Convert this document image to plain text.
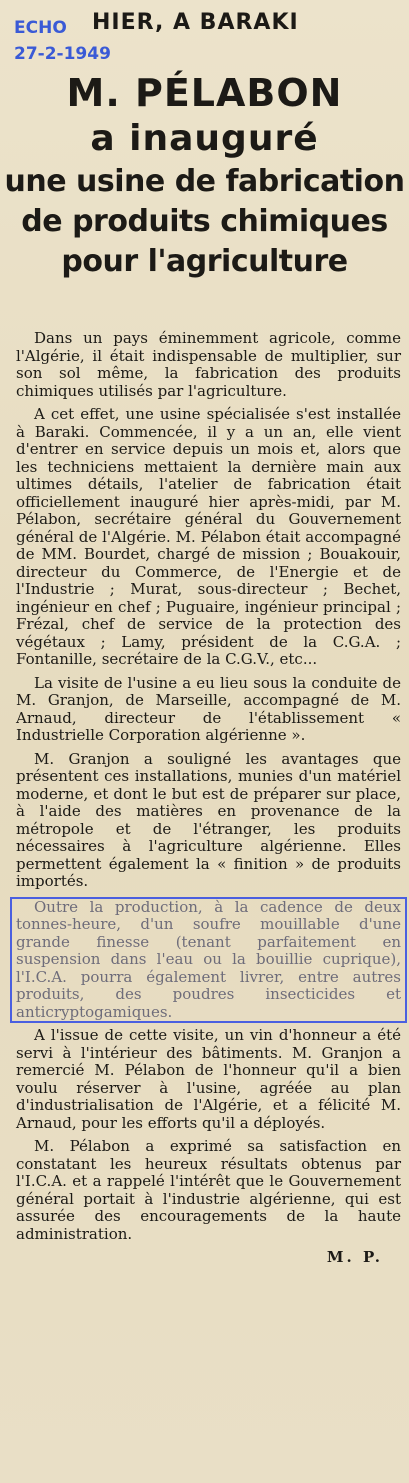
ECHO
27-2-1949
HIER, A BARAKI
M. PÉLABON
a inauguré
une usine de fabrication
de produits chimiques
pour l'agriculture

Dans un pays éminemment agricole, comme l'Algérie, il était indispensable de multiplier, sur son sol même, la fabrication des produits chimiques utilisés par l'agriculture.

A cet effet, une usine spécialisée s'est installée à Baraki. Commencée, il y a un an, elle vient d'entrer en service depuis un mois et, alors que les techniciens mettaient la dernière main aux ultimes détails, l'atelier de fabrication était officiellement inauguré hier après-midi, par M. Pélabon, secrétaire général du Gouvernement général de l'Algérie. M. Pélabon était accompagné de MM. Bourdet, chargé de mission ; Bouakouir, directeur du Commerce, de l'Energie et de l'Industrie ; Murat, sous-directeur ; Bechet, ingénieur en chef ; Puguaire, ingénieur principal ; Frézal, chef de service de la protection des végétaux ; Lamy, président de la C.G.A. ; Fontanille, secrétaire de la C.G.V., etc...

La visite de l'usine a eu lieu sous la conduite de M. Granjon, de Marseille, accompagné de M. Arnaud, directeur de l'établissement « Industrielle Corporation algérienne ».

M. Granjon a souligné les avantages que présentent ces installations, munies d'un matériel moderne, et dont le but est de préparer sur place, à l'aide des matières en provenance de la métropole et de l'étranger, les produits nécessaires à l'agriculture algérienne. Elles permettent également la « finition » de produits importés.

Outre la production, à la cadence de deux tonnes-heure, d'un soufre mouillable d'une grande finesse (tenant parfaitement en suspension dans l'eau ou la bouillie cuprique), l'I.C.A. pourra également livrer, entre autres produits, des poudres insecticides et anticryptogamiques.

A l'issue de cette visite, un vin d'honneur a été servi à l'intérieur des bâtiments. M. Granjon a remercié M. Pélabon de l'honneur qu'il a bien voulu réserver à l'usine, agréée au plan d'industrialisation de l'Algérie, et a félicité M. Arnaud, pour les efforts qu'il a déployés.

M. Pélabon a exprimé sa satisfaction en constatant les heureux résultats obtenus par l'I.C.A. et a rappelé l'intérêt que le Gouvernement général portait à l'industrie algérienne, qui est assurée des encouragements de la haute administration.

M. P.
